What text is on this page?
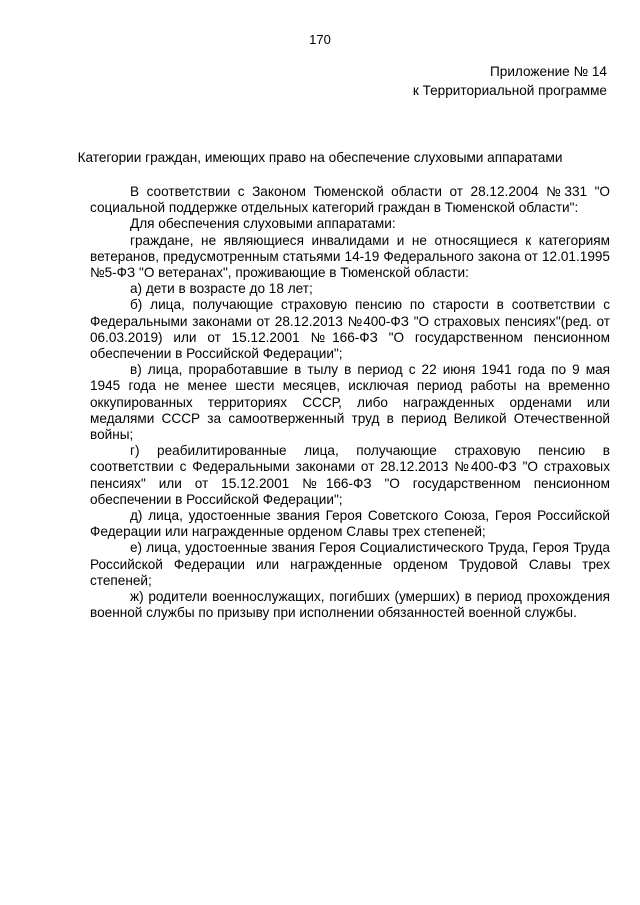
170
Приложение № 14
к Территориальной программе
Категории граждан, имеющих право на обеспечение слуховыми аппаратами

В соответствии с Законом Тюменской области от 28.12.2004 №331 "О социальной поддержке отдельных категорий граждан в Тюменской области":

Для обеспечения слуховыми аппаратами:

граждане, не являющиеся инвалидами и не относящиеся к категориям ветеранов, предусмотренным статьями 14-19 Федерального закона от 12.01.1995 №5-ФЗ "О ветеранах", проживающие в Тюменской области:

а) дети в возрасте до 18 лет;

б) лица, получающие страховую пенсию по старости в соответствии с Федеральными законами от 28.12.2013 №400-ФЗ "О страховых пенсиях"(ред. от 06.03.2019) или от 15.12.2001 №166-ФЗ "О государственном пенсионном обеспечении в Российской Федерации";

в) лица, проработавшие в тылу в период с 22 июня 1941 года по 9 мая 1945 года не менее шести месяцев, исключая период работы на временно оккупированных территориях СССР, либо награжденных орденами или медалями СССР за самоотверженный труд в период Великой Отечественной войны;

г) реабилитированные лица, получающие страховую пенсию в соответствии с Федеральными законами от 28.12.2013 №400-ФЗ "О страховых пенсиях" или от 15.12.2001 №166-ФЗ "О государственном пенсионном обеспечении в Российской Федерации";

д) лица, удостоенные звания Героя Советского Союза, Героя Российской Федерации или награжденные орденом Славы трех степеней;

е) лица, удостоенные звания Героя Социалистического Труда, Героя Труда Российской Федерации или награжденные орденом Трудовой Славы трех степеней;

ж) родители военнослужащих, погибших (умерших) в период прохождения военной службы по призыву при исполнении обязанностей военной службы.
